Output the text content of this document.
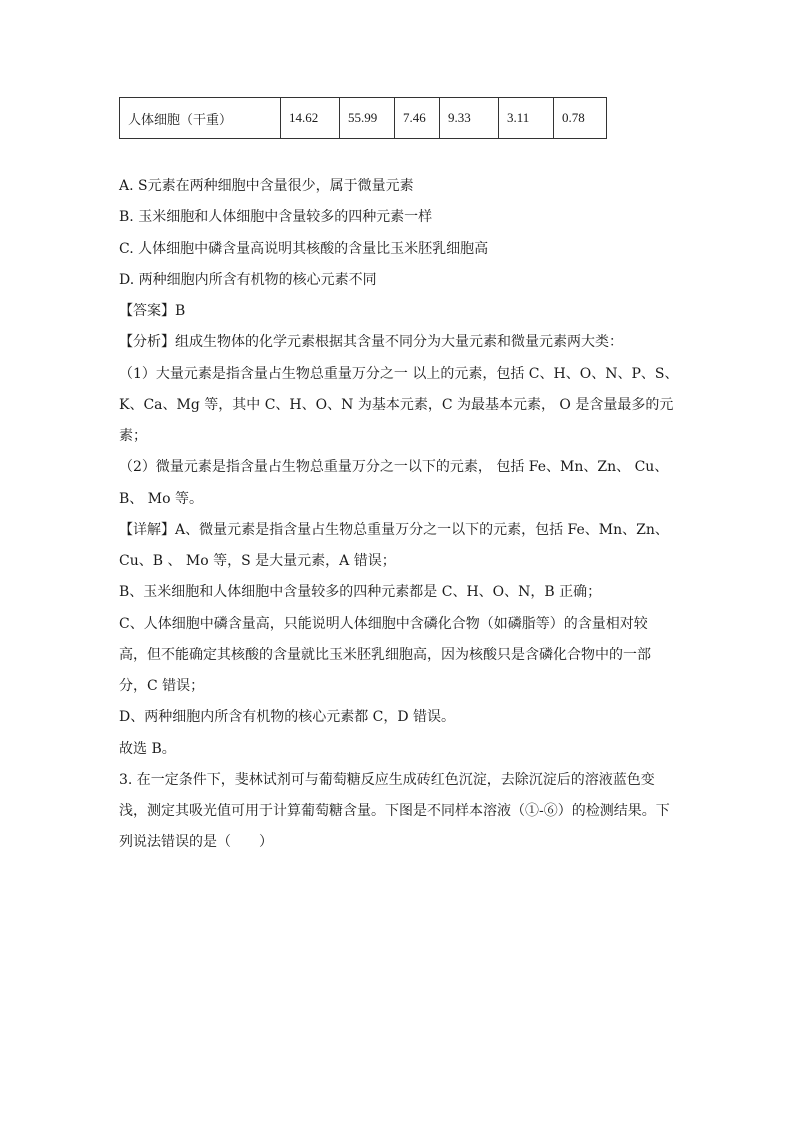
人体细胞（干重）	14.62	55.99	7.46	9.33	3.11	0.78
A. S元素在两种细胞中含量很少，属于微量元素
B. 玉米细胞和人体细胞中含量较多的四种元素一样
C. 人体细胞中磷含量高说明其核酸的含量比玉米胚乳细胞高
D. 两种细胞内所含有机物的核心元素不同
【答案】B
【分析】组成生物体的化学元素根据其含量不同分为大量元素和微量元素两大类：
（1）大量元素是指含量占生物总重量万分之一 以上的元素，包括 C、H、O、N、P、S、
K、Ca、Mg 等，其中 C、H、O、N 为基本元素，C 为最基本元素， O 是含量最多的元
素；
（2）微量元素是指含量占生物总重量万分之一以下的元素， 包括 Fe、Mn、Zn、 Cu、
B、 Mo 等。
【详解】A、微量元素是指含量占生物总重量万分之一以下的元素，包括 Fe、Mn、Zn、
Cu、B 、 Mo 等，S 是大量元素，A 错误；
B、玉米细胞和人体细胞中含量较多的四种元素都是 C、H、O、N，B 正确；
C、人体细胞中磷含量高，只能说明人体细胞中含磷化合物（如磷脂等）的含量相对较
高，但不能确定其核酸的含量就比玉米胚乳细胞高，因为核酸只是含磷化合物中的一部
分，C 错误；
D、两种细胞内所含有机物的核心元素都 C，D 错误。
故选 B。
3. 在一定条件下，斐林试剂可与葡萄糖反应生成砖红色沉淀，去除沉淀后的溶液蓝色变
浅，测定其吸光值可用于计算葡萄糖含量。下图是不同样本溶液（①-⑥）的检测结果。下
列说法错误的是（　　）
